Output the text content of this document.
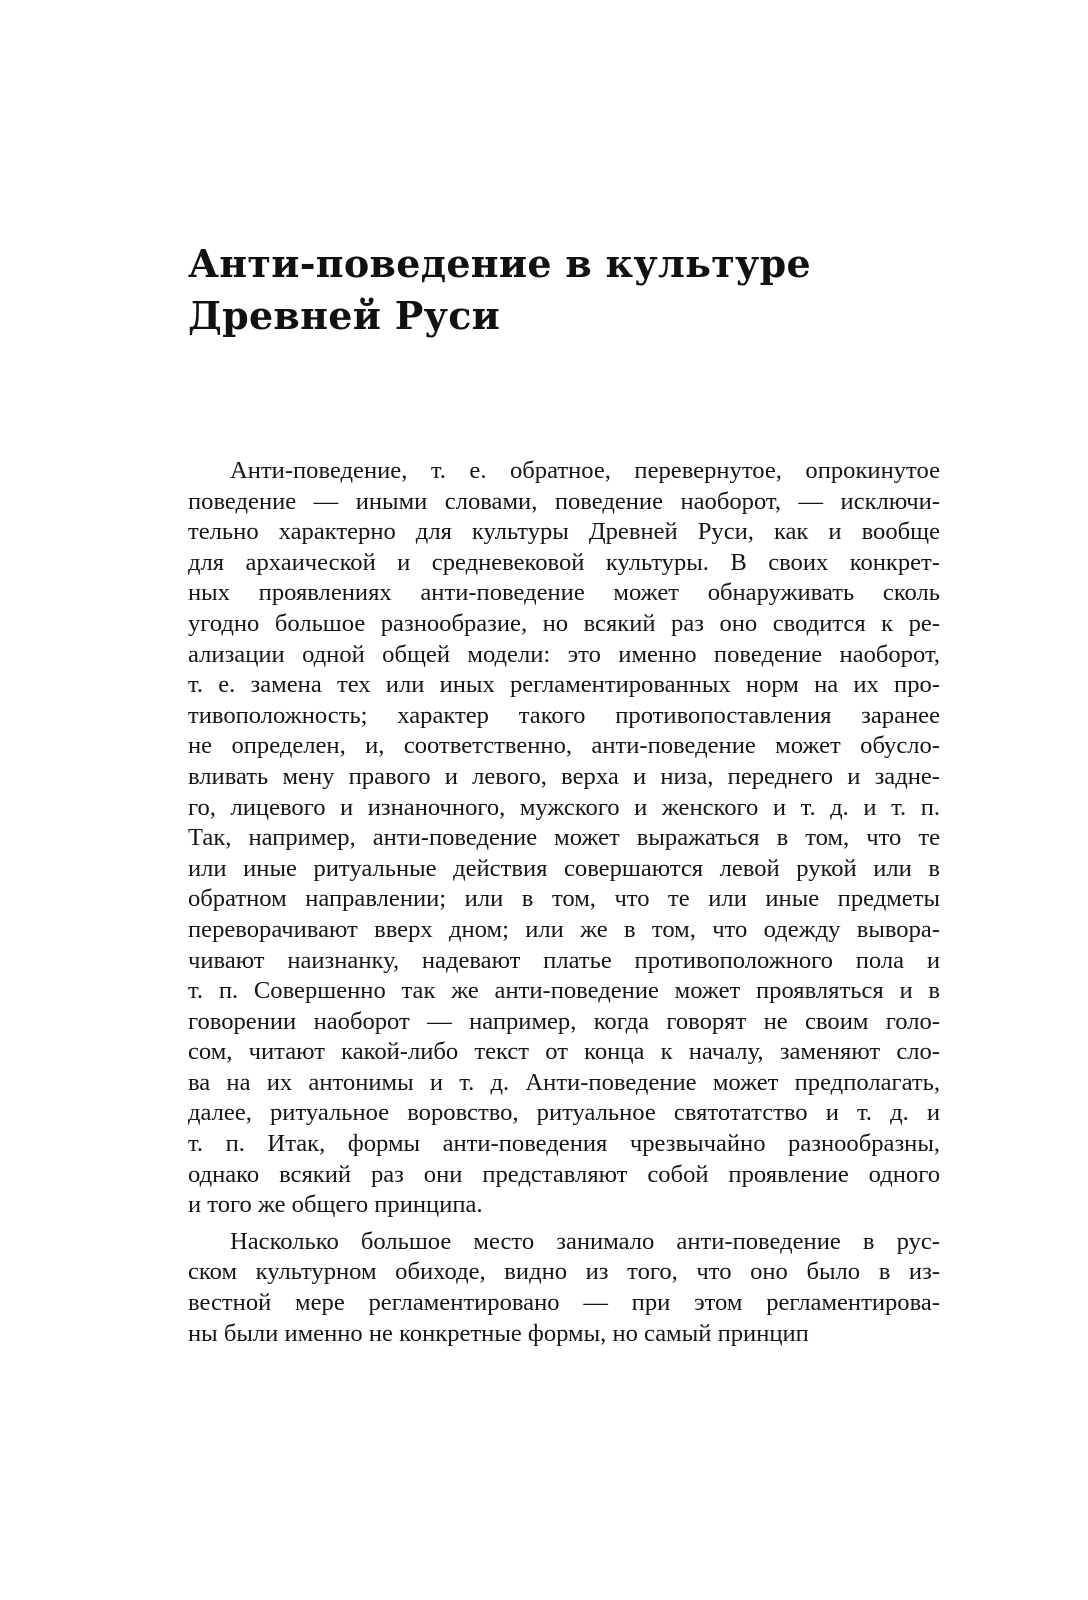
Анти-поведение в культуре
Древней Руси
Анти-поведение, т. е. обратное, перевернутое, опрокинутое
поведение — иными словами, поведение наоборот, — исключи-
тельно характерно для культуры Древней Руси, как и вообще
для архаической и средневековой культуры. В своих конкрет-
ных проявлениях анти-поведение может обнаруживать сколь
угодно большое разнообразие, но всякий раз оно сводится к ре-
ализации одной общей модели: это именно поведение наоборот,
т. е. замена тех или иных регламентированных норм на их про-
тивоположность; характер такого противопоставления заранее
не определен, и, соответственно, анти-поведение может обусло-
вливать мену правого и левого, верха и низа, переднего и задне-
го, лицевого и изнаночного, мужского и женского и т. д. и т. п.
Так, например, анти-поведение может выражаться в том, что те
или иные ритуальные действия совершаются левой рукой или в
обратном направлении; или в том, что те или иные предметы
переворачивают вверх дном; или же в том, что одежду вывора-
чивают наизнанку, надевают платье противоположного пола и
т. п. Совершенно так же анти-поведение может проявляться и в
говорении наоборот — например, когда говорят не своим голо-
сом, читают какой-либо текст от конца к началу, заменяют сло-
ва на их антонимы и т. д. Анти-поведение может предполагать,
далее, ритуальное воровство, ритуальное святотатство и т. д. и
т. п. Итак, формы анти-поведения чрезвычайно разнообразны,
однако всякий раз они представляют собой проявление одного
и того же общего принципа.
Насколько большое место занимало анти-поведение в рус-
ском культурном обиходе, видно из того, что оно было в из-
вестной мере регламентировано — при этом регламентирова-
ны были именно не конкретные формы, но самый принцип
